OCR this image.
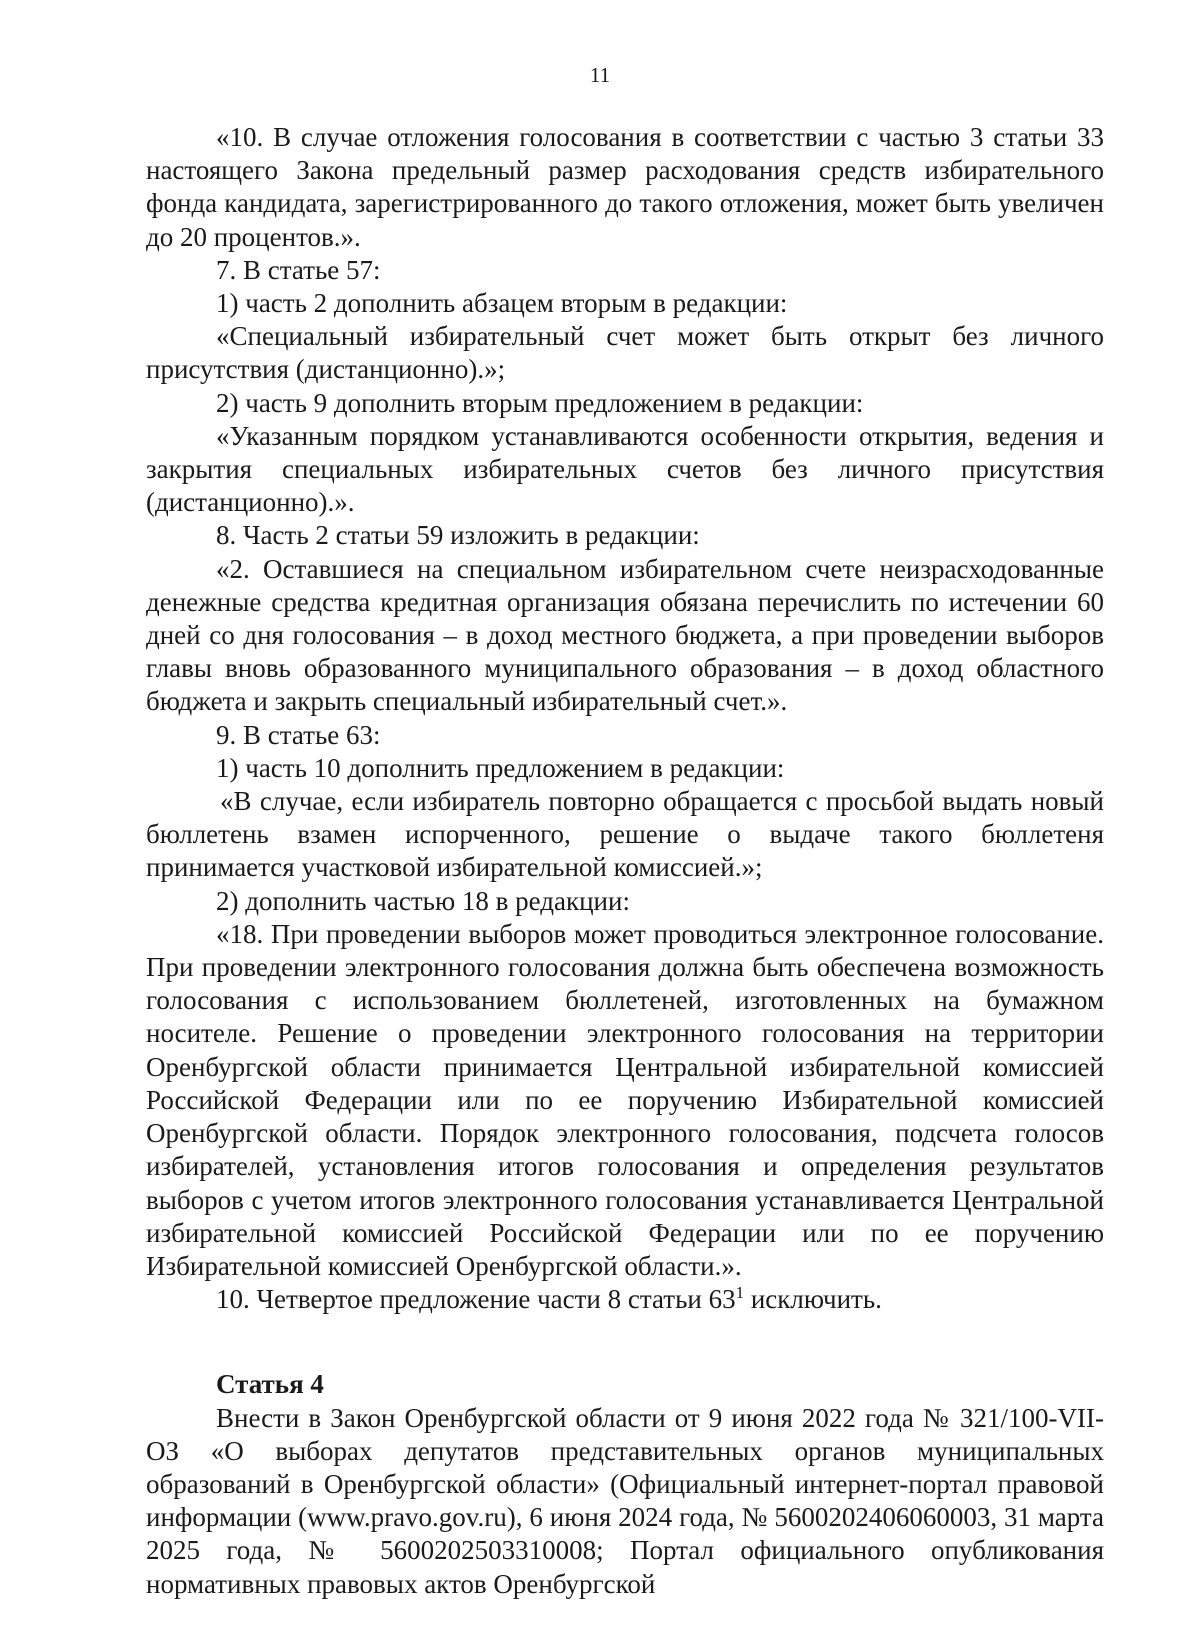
11

«10. В случае отложения голосования в соответствии с частью 3 статьи 33 настоящего Закона предельный размер расходования средств избирательного фонда кандидата, зарегистрированного до такого отложения, может быть увеличен до 20 процентов.».

7. В статье 57:

1) часть 2 дополнить абзацем вторым в редакции:

«Специальный избирательный счет может быть открыт без личного присутствия (дистанционно).»;

2) часть 9 дополнить вторым предложением в редакции:

«Указанным порядком устанавливаются особенности открытия, ведения и закрытия специальных избирательных счетов без личного присутствия (дистанционно).».

8. Часть 2 статьи 59 изложить в редакции:

«2. Оставшиеся на специальном избирательном счете неизрасходованные денежные средства кредитная организация обязана перечислить по истечении 60 дней со дня голосования – в доход местного бюджета, а при проведении выборов главы вновь образованного муниципального образования – в доход областного бюджета и закрыть специальный избирательный счет.».

9. В статье 63:

1) часть 10 дополнить предложением в редакции:

«В случае, если избиратель повторно обращается с просьбой выдать новый бюллетень взамен испорченного, решение о выдаче такого бюллетеня принимается участковой избирательной комиссией.»;

2) дополнить частью 18 в редакции:

«18. При проведении выборов может проводиться электронное голосование. При проведении электронного голосования должна быть обеспечена возможность голосования с использованием бюллетеней, изготовленных на бумажном носителе. Решение о проведении электронного голосования на территории Оренбургской области принимается Центральной избирательной комиссией Российской Федерации или по ее поручению Избирательной комиссией Оренбургской области. Порядок электронного голосования, подсчета голосов избирателей, установления итогов голосования и определения результатов выборов с учетом итогов электронного голосования устанавливается Центральной избирательной комиссией Российской Федерации или по ее поручению Избирательной комиссией Оренбургской области.».

10. Четвертое предложение части 8 статьи $63^1$ исключить.

Статья 4

Внести в Закон Оренбургской области от 9 июня 2022 года № 321/100-VII-ОЗ «О выборах депутатов представительных органов муниципальных образований в Оренбургской области» (Официальный интернет-портал правовой информации (www.pravo.gov.ru), 6 июня 2024 года, № 5600202406060003, 31 марта 2025 года, № 5600202503310008; Портал официального опубликования нормативных правовых актов Оренбургской
